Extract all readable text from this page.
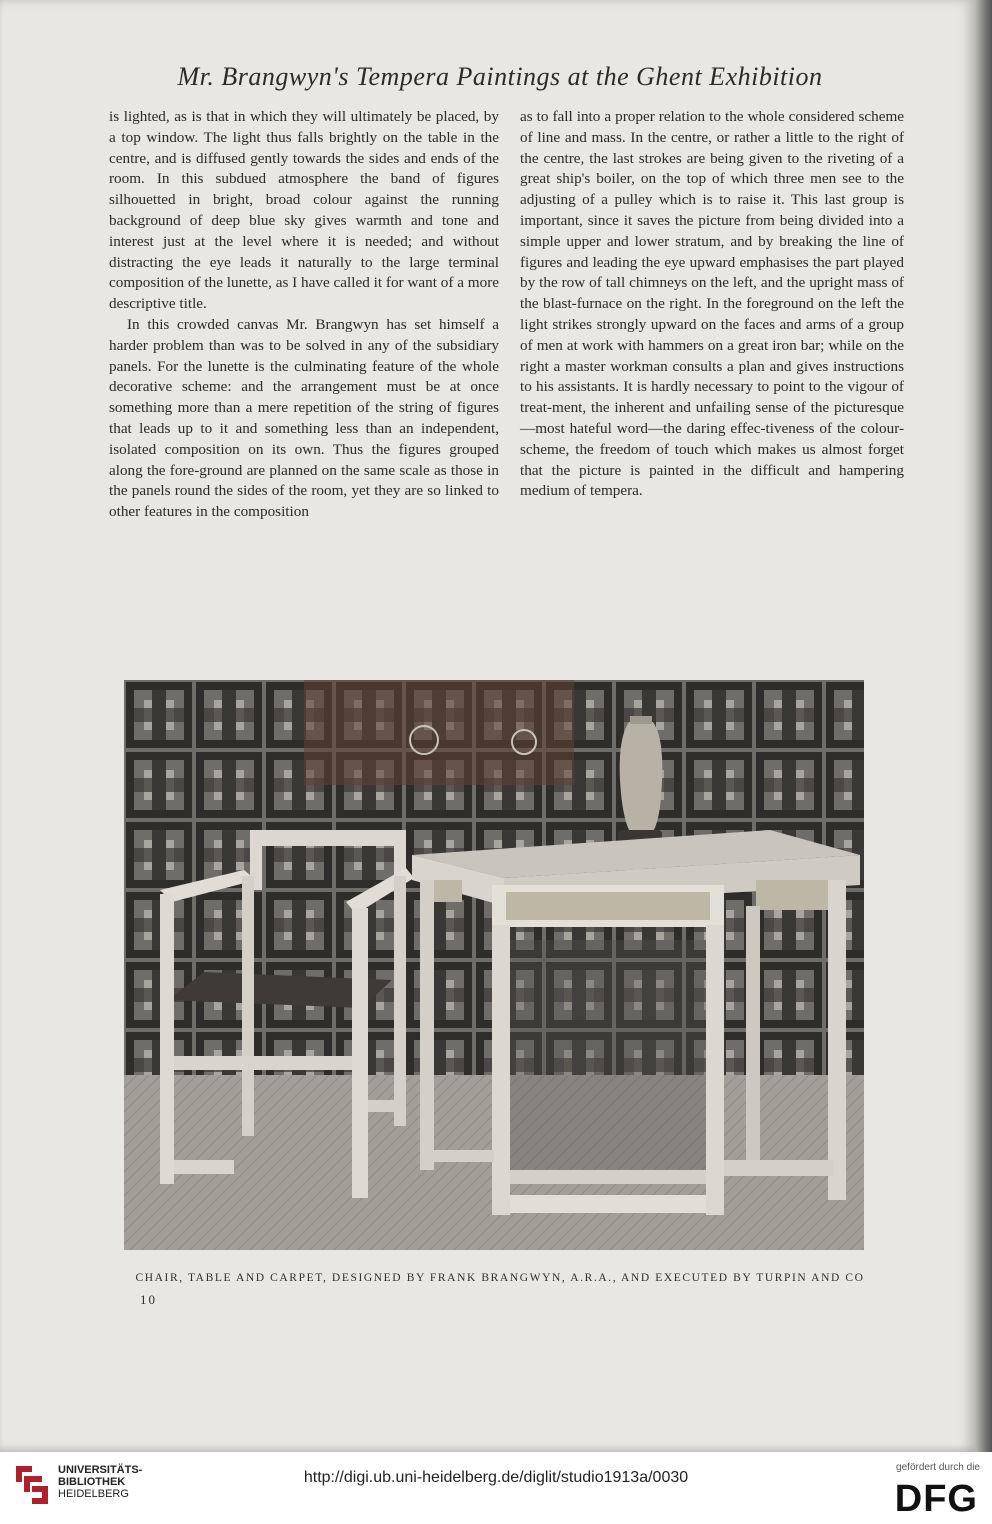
Mr. Brangwyn's Tempera Paintings at the Ghent Exhibition

is lighted, as is that in which they will ultimately be placed, by a top window. The light thus falls brightly on the table in the centre, and is diffused gently towards the sides and ends of the room. In this subdued atmosphere the band of figures silhouetted in bright, broad colour against the running background of deep blue sky gives warmth and tone and interest just at the level where it is needed; and without distracting the eye leads it naturally to the large terminal composition of the lunette, as I have called it for want of a more descriptive title.

In this crowded canvas Mr. Brangwyn has set himself a harder problem than was to be solved in any of the subsidiary panels. For the lunette is the culminating feature of the whole decorative scheme: and the arrangement must be at once something more than a mere repetition of the string of figures that leads up to it and something less than an independent, isolated composition on its own. Thus the figures grouped along the fore-ground are planned on the same scale as those in the panels round the sides of the room, yet they are so linked to other features in the composition

as to fall into a proper relation to the whole considered scheme of line and mass. In the centre, or rather a little to the right of the centre, the last strokes are being given to the riveting of a great ship's boiler, on the top of which three men see to the adjusting of a pulley which is to raise it. This last group is important, since it saves the picture from being divided into a simple upper and lower stratum, and by breaking the line of figures and leading the eye upward emphasises the part played by the row of tall chimneys on the left, and the upright mass of the blast-furnace on the right. In the foreground on the left the light strikes strongly upward on the faces and arms of a group of men at work with hammers on a great iron bar; while on the right a master workman consults a plan and gives instructions to his assistants. It is hardly necessary to point to the vigour of treat-ment, the inherent and unfailing sense of the picturesque—most hateful word—the daring effec-tiveness of the colour-scheme, the freedom of touch which makes us almost forget that the picture is painted in the difficult and hampering medium of tempera.

CHAIR, TABLE AND CARPET, DESIGNED BY FRANK BRANGWYN, A.R.A., AND EXECUTED BY TURPIN AND CO
10
UNIVERSITÄTS-
BIBLIOTHEK
HEIDELBERG
http://digi.ub.uni-heidelberg.de/diglit/studio1913a/0030
gefördert durch die
DFG
